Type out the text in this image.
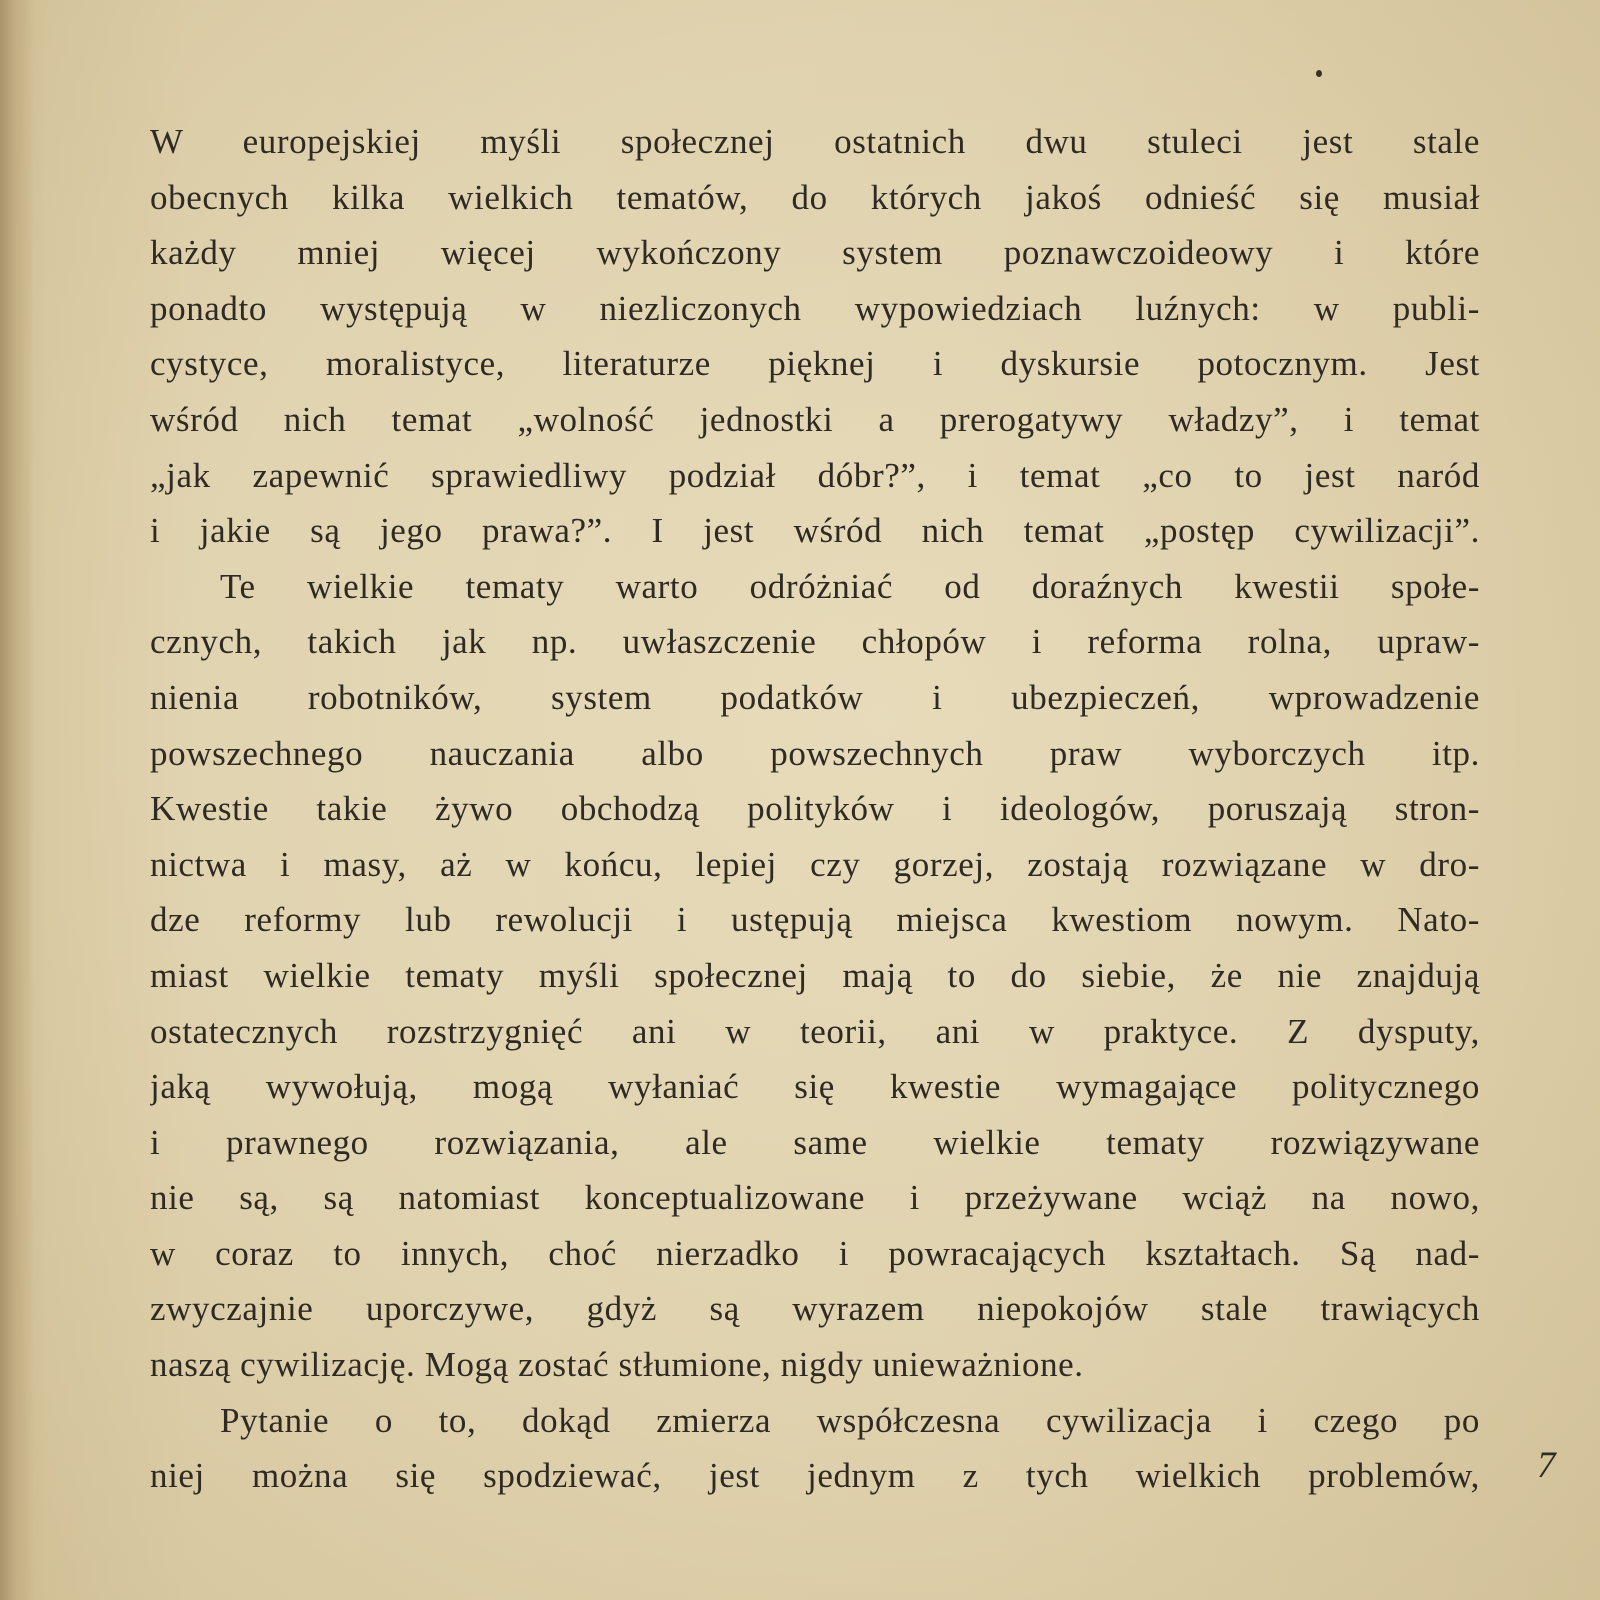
W europejskiej myśli społecznej ostatnich dwu stuleci jest stale
obecnych kilka wielkich tematów, do których jakoś odnieść się musiał
każdy mniej więcej wykończony system poznawczoideowy i które
ponadto występują w niezliczonych wypowiedziach luźnych: w publi-
cystyce, moralistyce, literaturze pięknej i dyskursie potocznym. Jest
wśród nich temat „wolność jednostki a prerogatywy władzy”, i temat
„jak zapewnić sprawiedliwy podział dóbr?”, i temat „co to jest naród
i jakie są jego prawa?”. I jest wśród nich temat „postęp cywilizacji”.
Te wielkie tematy warto odróżniać od doraźnych kwestii społe-
cznych, takich jak np. uwłaszczenie chłopów i reforma rolna, upraw-
nienia robotników, system podatków i ubezpieczeń, wprowadzenie
powszechnego nauczania albo powszechnych praw wyborczych itp.
Kwestie takie żywo obchodzą polityków i ideologów, poruszają stron-
nictwa i masy, aż w końcu, lepiej czy gorzej, zostają rozwiązane w dro-
dze reformy lub rewolucji i ustępują miejsca kwestiom nowym. Nato-
miast wielkie tematy myśli społecznej mają to do siebie, że nie znajdują
ostatecznych rozstrzygnięć ani w teorii, ani w praktyce. Z dysputy,
jaką wywołują, mogą wyłaniać się kwestie wymagające politycznego
i prawnego rozwiązania, ale same wielkie tematy rozwiązywane
nie są, są natomiast konceptualizowane i przeżywane wciąż na nowo,
w coraz to innych, choć nierzadko i powracających kształtach. Są nad-
zwyczajnie uporczywe, gdyż są wyrazem niepokojów stale trawiących
naszą cywilizację. Mogą zostać stłumione, nigdy unieważnione.
Pytanie o to, dokąd zmierza współczesna cywilizacja i czego po
niej można się spodziewać, jest jednym z tych wielkich problemów, 7
